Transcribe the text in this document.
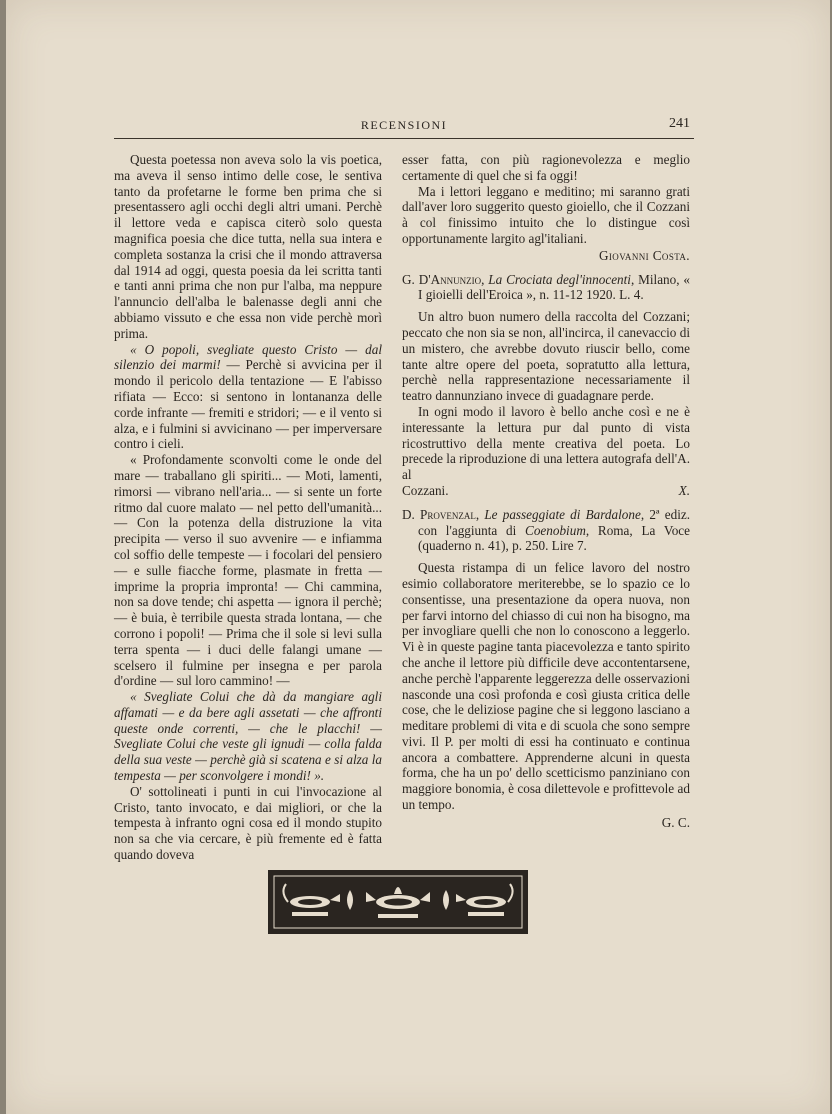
RECENSIONI	241

Questa poetessa non aveva solo la vis poetica, ma aveva il senso intimo delle cose, le sentiva tanto da profetarne le forme ben prima che si presentassero agli occhi degli altri umani. Perchè il lettore veda e capisca citerò solo questa magnifica poesia che dice tutta, nella sua intera e completa sostanza la crisi che il mondo attraversa dal 1914 ad oggi, questa poesia da lei scritta tanti e tanti anni prima che non pur l'alba, ma neppure l'annuncio dell'alba le balenasse degli anni che abbiamo vissuto e che essa non vide perchè morì prima.

« O popoli, svegliate questo Cristo — dal silenzio dei marmi! — Perchè si avvicina per il mondo il pericolo della tentazione — E l'abisso rifiata — Ecco: si sentono in lontananza delle corde infrante — fremiti e stridori; — e il vento si alza, e i fulmini si avvicinano — per imperversare contro i cieli.

« Profondamente sconvolti come le onde del mare — traballano gli spiriti... — Moti, lamenti, rimorsi — vibrano nell'aria... — si sente un forte ritmo dal cuore malato — nel petto dell'umanità... — Con la potenza della distruzione la vita precipita — verso il suo avvenire — e infiamma col soffio delle tempeste — i focolari del pensiero — e sulle fiacche forme, plasmate in fretta — imprime la propria impronta! — Chi cammina, non sa dove tende; chi aspetta — ignora il perchè; — è buia, è terribile questa strada lontana, — che corrono i popoli! — Prima che il sole si levi sulla terra spenta — i duci delle falangi umane — scelsero il fulmine per insegna e per parola d'ordine — sul loro cammino! —

« Svegliate Colui che dà da mangiare agli affamati — e da bere agli assetati — che affronti queste onde correnti, — che le placchi! — Svegliate Colui che veste gli ignudi — colla falda della sua veste — perchè già si scatena e si alza la tempesta — per sconvolgere i mondi! ».

O' sottolineati i punti in cui l'invocazione al Cristo, tanto invocato, e dai migliori, or che la tempesta à infranto ogni cosa ed il mondo stupito non sa che via cercare, è più fremente ed è fatta quando doveva

esser fatta, con più ragionevolezza e meglio certamente di quel che si fa oggi!

Ma i lettori leggano e meditino; mi saranno grati dall'aver loro suggerito questo gioiello, che il Cozzani à col finissimo intuito che lo distingue così opportunamente largito agl'italiani.

Giovanni Costa.

G. D'Annunzio, La Crociata degl'innocenti, Milano, « I gioielli dell'Eroica », n. 11-12 1920. L. 4.

Un altro buon numero della raccolta del Cozzani; peccato che non sia se non, all'incirca, il canevaccio di un mistero, che avrebbe dovuto riuscir bello, come tante altre opere del poeta, sopratutto alla lettura, perchè nella rappresentazione necessariamente il teatro dannunziano invece di guadagnare perde.

In ogni modo il lavoro è bello anche così e ne è interessante la lettura pur dal punto di vista ricostruttivo della mente creativa del poeta. Lo precede la riproduzione di una lettera autografa dell'A. al

Cozzani.	X.

D. Provenzal, Le passeggiate di Bardalone, 2ª ediz. con l'aggiunta di Coenobium, Roma, La Voce (quaderno n. 41), p. 250. Lire 7.

Questa ristampa di un felice lavoro del nostro esimio collaboratore meriterebbe, se lo spazio ce lo consentisse, una presentazione da opera nuova, non per farvi intorno del chiasso di cui non ha bisogno, ma per invogliare quelli che non lo conoscono a leggerlo. Vi è in queste pagine tanta piacevolezza e tanto spirito che anche il lettore più difficile deve accontentarsene, anche perchè l'apparente leggerezza delle osservazioni nasconde una così profonda e così giusta critica delle cose, che le deliziose pagine che si leggono lasciano a meditare problemi di vita e di scuola che sono sempre vivi. Il P. per molti di essi ha continuato e continua ancora a combattere. Apprenderne alcuni in questa forma, che ha un po' dello scetticismo panziniano con maggiore bonomia, è cosa dilettevole e profittevole ad un tempo.

G. C.
